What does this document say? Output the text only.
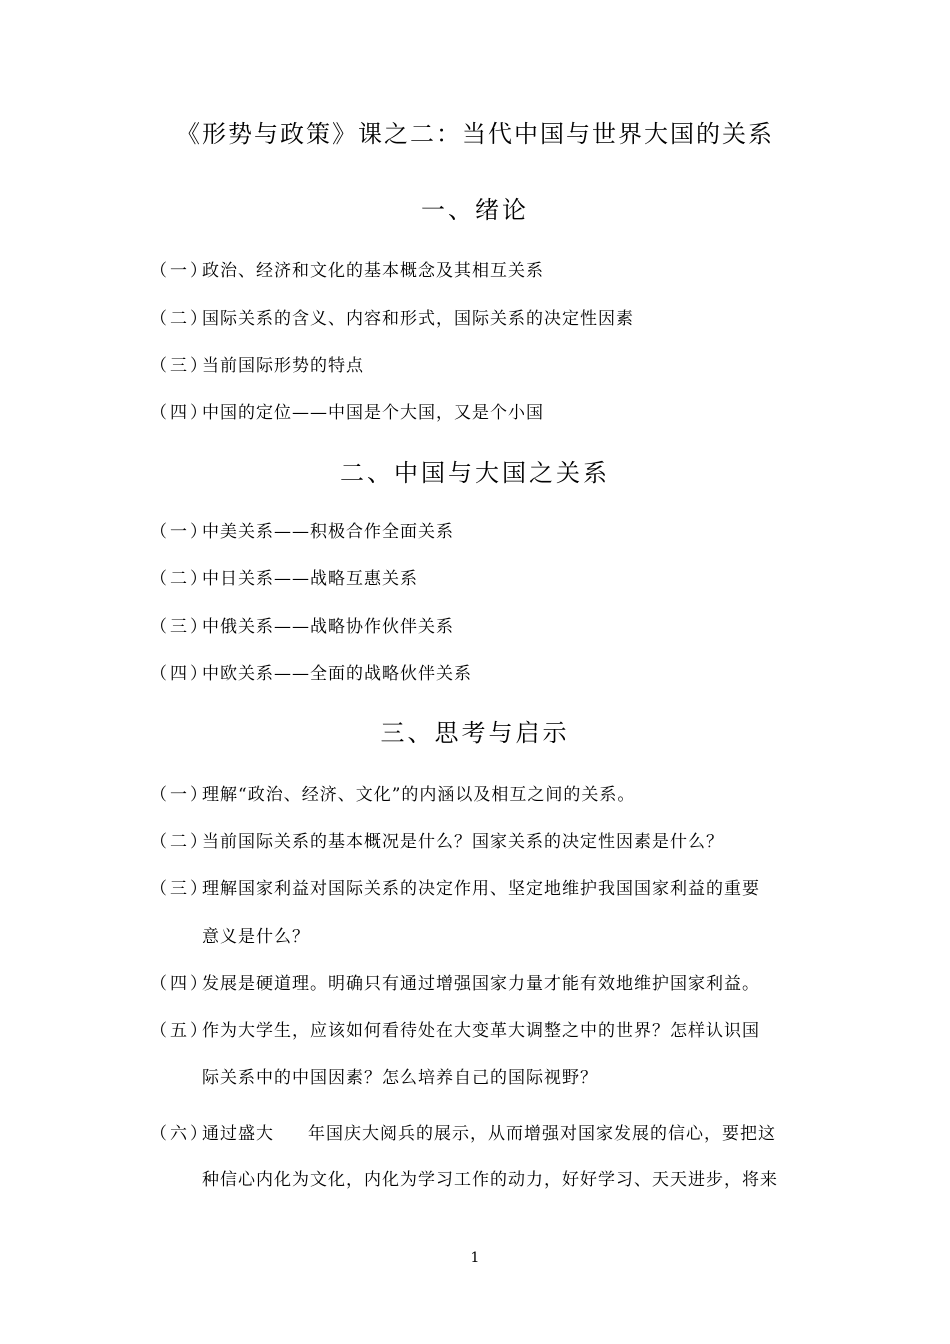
《形势与政策》课之二：当代中国与世界大国的关系
一、绪论
（一）政治、经济和文化的基本概念及其相互关系
（二）国际关系的含义、内容和形式，国际关系的决定性因素
（三）当前国际形势的特点
（四）中国的定位——中国是个大国，又是个小国
二、中国与大国之关系
（一）中美关系——积极合作全面关系
（二）中日关系——战略互惠关系
（三）中俄关系——战略协作伙伴关系
（四）中欧关系——全面的战略伙伴关系
三、思考与启示
（一）理解“政治、经济、文化”的内涵以及相互之间的关系。
（二）当前国际关系的基本概况是什么？国家关系的决定性因素是什么？
（三）理解国家利益对国际关系的决定作用、坚定地维护我国国家利益的重要
意义是什么？
（四）发展是硬道理。明确只有通过增强国家力量才能有效地维护国家利益。
（五）作为大学生，应该如何看待处在大变革大调整之中的世界？怎样认识国
际关系中的中国因素？怎么培养自己的国际视野？
（六）通过盛大 年国庆大阅兵的展示，从而增强对国家发展的信心，要把这
种信心内化为文化，内化为学习工作的动力，好好学习、天天进步，将来
1
